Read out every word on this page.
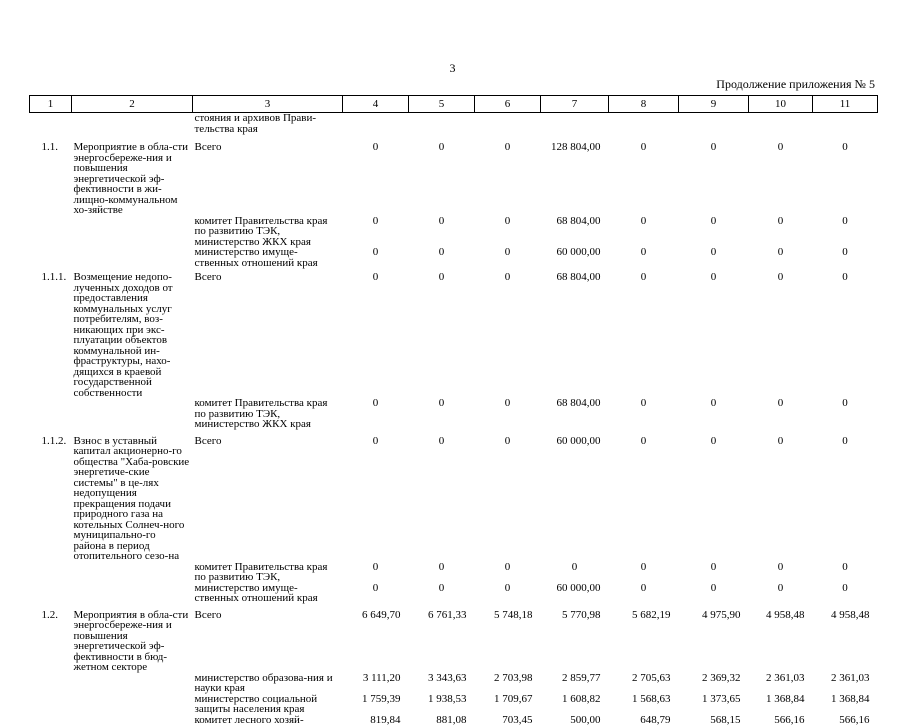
3
Продолжение приложения № 5
1	2	3	4	5	6	7	8	9	10	11
		стояния и архивов Прави-тельства края								

1.1.	Мероприятие в обла-сти энергосбереже-ния и повышения энергетической эф-фективности в жи-лищно-коммунальном хо-зяйстве	Всего	0	0	0	128 804,00	0	0	0	0
		комитет Правительства края по развитию ТЭК, министерство ЖКХ края	0	0	0	68 804,00	0	0	0	0
		министерство имуще-ственных отношений края	0	0	0	60 000,00	0	0	0	0

1.1.1.	Возмещение недопо-лученных доходов от предоставления коммунальных услуг потребителям, воз-никающих при экс-плуатации объектов коммунальной ин-фраструктуры, нахо-дящихся в краевой государственной собственности	Всего	0	0	0	68 804,00	0	0	0	0
		комитет Правительства края по развитию ТЭК, министерство ЖКХ края	0	0	0	68 804,00	0	0	0	0

1.1.2.	Взнос в уставный капитал акционерно-го общества "Хаба-ровские энергетиче-ские системы" в це-лях недопущения прекращения подачи природного газа на котельных Солнеч-ного муниципально-го района в период отопительного сезо-на	Всего	0	0	0	60 000,00	0	0	0	0
		комитет Правительства края по развитию ТЭК,	0	0	0	0	0	0	0	0
		министерство имуще-ственных отношений края	0	0	0	60 000,00	0	0	0	0

1.2.	Мероприятия в обла-сти энергосбереже-ния и повышения энергетической эф-фективности в бюд-жетном секторе	Всего	6 649,70	6 761,33	5 748,18	5 770,98	5 682,19	4 975,90	4 958,48	4 958,48
		министерство образова-ния и науки края	3 111,20	3 343,63	2 703,98	2 859,77	2 705,63	2 369,32	2 361,03	2 361,03
		министерство социальной защиты населения края	1 759,39	1 938,53	1 709,67	1 608,82	1 568,63	1 373,65	1 368,84	1 368,84
		комитет лесного хозяй-	819,84	881,08	703,45	500,00	648,79	568,15	566,16	566,16
